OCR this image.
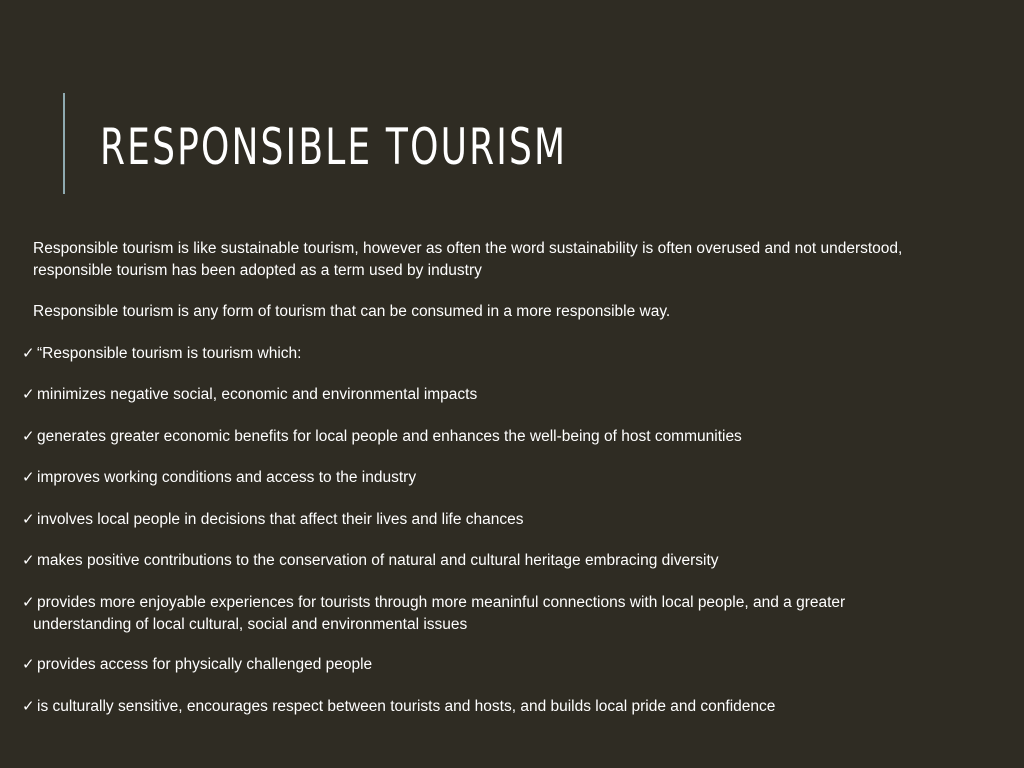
RESPONSIBLE TOURISM

Responsible tourism is like sustainable tourism, however as often the word sustainability is often overused and not understood, responsible tourism has been adopted as a term used by industry

Responsible tourism is any form of tourism that can be consumed in a more responsible way.

✓ “Responsible tourism is tourism which:

✓ minimizes negative social, economic and environmental impacts

✓ generates greater economic benefits for local people and enhances the well-being of host communities

✓ improves working conditions and access to the industry

✓ involves local people in decisions that affect their lives and life chances

✓ makes positive contributions to the conservation of natural and cultural heritage embracing diversity

✓ provides more enjoyable experiences for tourists through more meaninful connections with local people, and a greater
understanding of local cultural, social and environmental issues

✓ provides access for physically challenged people

✓ is culturally sensitive, encourages respect between tourists and hosts, and builds local pride and confidence
